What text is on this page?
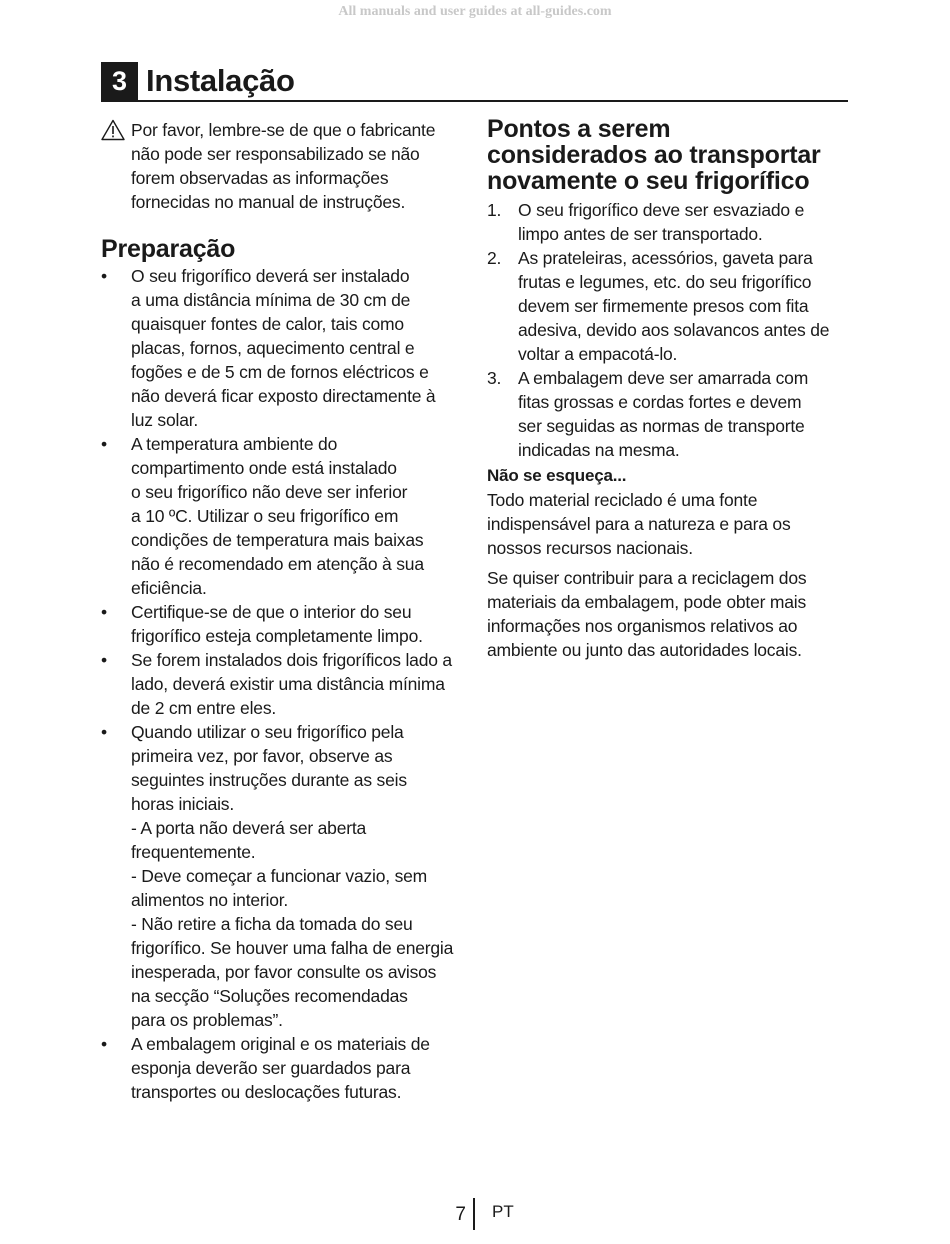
All manuals and user guides at all-guides.com
3 Instalação
Por favor, lembre-se de que o fabricante não pode ser responsabilizado se não forem observadas as informações fornecidas no manual de instruções.
Preparação
• O seu frigorífico deverá ser instalado
a uma distância mínima de 30 cm de
quaisquer fontes de calor, tais como
placas, fornos, aquecimento central e
fogões e de 5 cm de fornos eléctricos e
não deverá ficar exposto directamente à
luz solar.
• A temperatura ambiente do
compartimento onde está instalado
o seu frigorífico não deve ser inferior
a 10 ºC. Utilizar o seu frigorífico em
condições de temperatura mais baixas
não é recomendado em atenção à sua
eficiência.
• Certifique-se de que o interior do seu
frigorífico esteja completamente limpo.
• Se forem instalados dois frigoríficos lado a
lado, deverá existir uma distância mínima
de 2 cm entre eles.
• Quando utilizar o seu frigorífico pela
primeira vez, por favor, observe as
seguintes instruções durante as seis
horas iniciais.
- A porta não deverá ser aberta
frequentemente.
- Deve começar a funcionar vazio, sem
alimentos no interior.
- Não retire a ficha da tomada do seu
frigorífico. Se houver uma falha de energia
inesperada, por favor consulte os avisos
na secção “Soluções recomendadas
para os problemas”.
• A embalagem original e os materiais de
esponja deverão ser guardados para
transportes ou deslocações futuras.
Pontos a serem
considerados ao transportar
novamente o seu frigorífico
1. O seu frigorífico deve ser esvaziado e
limpo antes de ser transportado.
2. As prateleiras, acessórios, gaveta para
frutas e legumes, etc. do seu frigorífico
devem ser firmemente presos com fita
adesiva, devido aos solavancos antes de
voltar a empacotá-lo.
3. A embalagem deve ser amarrada com
fitas grossas e cordas fortes e devem
ser seguidas as normas de transporte
indicadas na mesma.
Não se esqueça...
Todo material reciclado é uma fonte
indispensável para a natureza e para os
nossos recursos nacionais.
Se quiser contribuir para a reciclagem dos
materiais da embalagem, pode obter mais
informações nos organismos relativos ao
ambiente ou junto das autoridades locais.
7 PT
